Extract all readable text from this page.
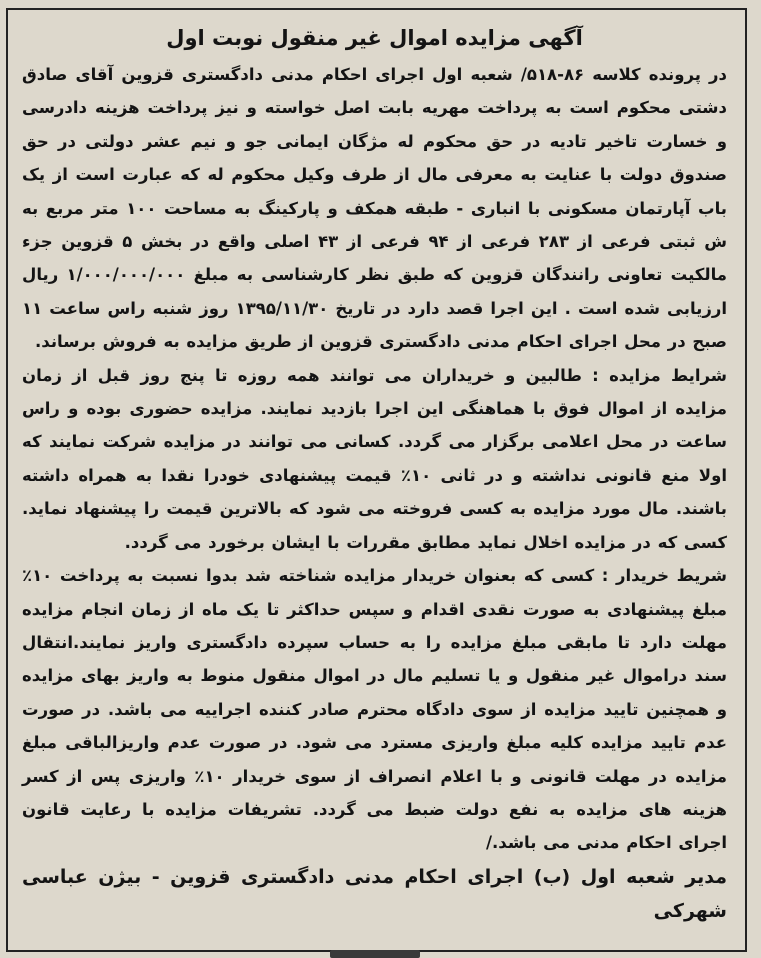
آگهی مزایده اموال غیر منقول نوبت اول

در پرونده کلاسه ۸۶-۵۱۸/ شعبه اول اجرای احکام مدنی دادگستری قزوین آقای صادق دشتی محکوم است به پرداخت مهریه بابت اصل خواسته و نیز پرداخت هزینه دادرسی و خسارت تاخیر تادیه در حق محکوم له مژگان ایمانی جو و نیم عشر دولتی در حق صندوق دولت با عنایت به معرفی مال از طرف وکیل محکوم له که عبارت است از یک باب آپارتمان مسکونی با انباری - طبقه همکف و پارکینگ به مساحت ۱۰۰ متر مربع به ش ثبتی فرعی از ۲۸۳ فرعی از ۹۴ فرعی از ۴۳ اصلی واقع در بخش ۵ قزوین جزء مالکیت تعاونی رانندگان قزوین که طبق نظر کارشناسی به مبلغ ۱/۰۰۰/۰۰۰/۰۰۰ ریال ارزیابی شده است . این اجرا قصد دارد در تاریخ ۱۳۹۵/۱۱/۳۰ روز شنبه راس ساعت ۱۱ صبح در محل اجرای احکام مدنی دادگستری قزوین از طریق مزایده به فروش برساند.

شرایط مزایده : طالبین و خریداران می توانند همه روزه تا پنج روز قبل از زمان مزایده از اموال فوق با هماهنگی این اجرا بازدید نمایند. مزایده حضوری بوده و راس ساعت در محل اعلامی برگزار می گردد. کسانی می توانند در مزایده شرکت نمایند که اولا منع قانونی نداشته و در ثانی ۱۰٪ قیمت پیشنهادی خودرا نقدا به همراه داشته باشند. مال مورد مزایده به کسی فروخته می شود که بالاترین قیمت را پیشنهاد نماید. کسی که در مزایده اخلال نماید مطابق مقررات با ایشان برخورد می گردد.

شریط خریدار : کسی که بعنوان خریدار مزایده شناخته شد بدوا نسبت به پرداخت ۱۰٪ مبلغ پیشنهادی به صورت نقدی اقدام و سپس حداکثر تا یک ماه از زمان انجام مزایده مهلت دارد تا مابقی مبلغ مزایده را به حساب سپرده دادگستری واریز نمایند.انتقال سند دراموال غیر منقول و یا تسلیم مال در اموال منقول منوط به واریز بهای مزایده و همچنین تایید مزایده از سوی دادگاه محترم صادر کننده اجراییه می باشد. در صورت عدم تایید مزایده کلیه مبلغ واریزی مسترد می شود. در صورت عدم واریزالباقی مبلغ مزایده در مهلت قانونی و با اعلام انصراف از سوی خریدار ۱۰٪ واریزی پس از کسر هزینه های مزایده به نفع دولت ضبط می گردد. تشریفات مزایده با رعایت قانون اجرای احکام مدنی می باشد./

مدیر شعبه اول (ب) اجرای احکام مدنی دادگستری قزوین - بیژن عباسی شهرکی
